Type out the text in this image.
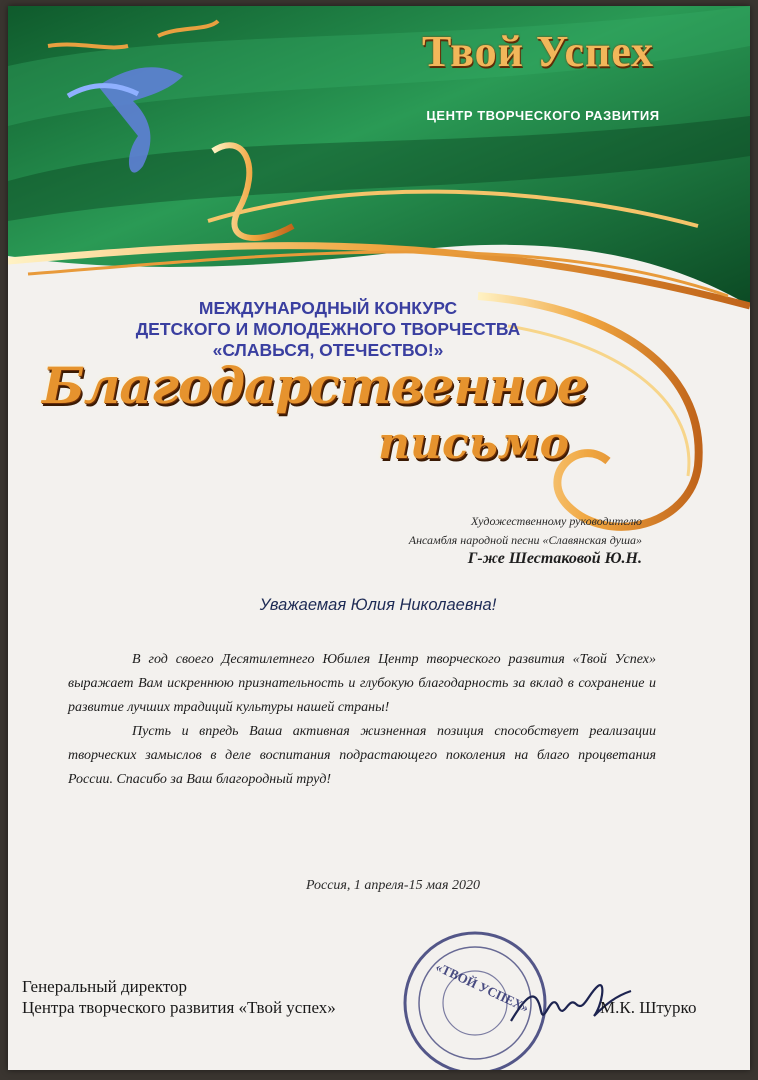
Твой Успех
ЦЕНТР ТВОРЧЕСКОГО РАЗВИТИЯ
МЕЖДУНАРОДНЫЙ КОНКУРС
ДЕТСКОГО И МОЛОДЕЖНОГО ТВОРЧЕСТВА
«СЛАВЬСЯ, ОТЕЧЕСТВО!»
Благодарственное
письмо
Художественному руководителю
Ансамбля народной песни «Славянская душа»
Г-же Шестаковой Ю.Н.
Уважаемая Юлия Николаевна!

В год своего Десятилетнего Юбилея Центр творческого развития «Твой Успех» выражает Вам искреннюю признательность и глубокую благодарность за вклад в сохранение и развитие лучших традиций культуры нашей страны!

Пусть и впредь Ваша активная жизненная позиция способствует реализации творческих замыслов в деле воспитания подрастающего поколения на благо процветания России. Спасибо за Ваш благородный труд!

Россия, 1 апреля-15 мая 2020
«ТВОЙ УСПЕХ»
Генеральный директор
Центра творческого развития «Твой успех»	М.К. Штурко
